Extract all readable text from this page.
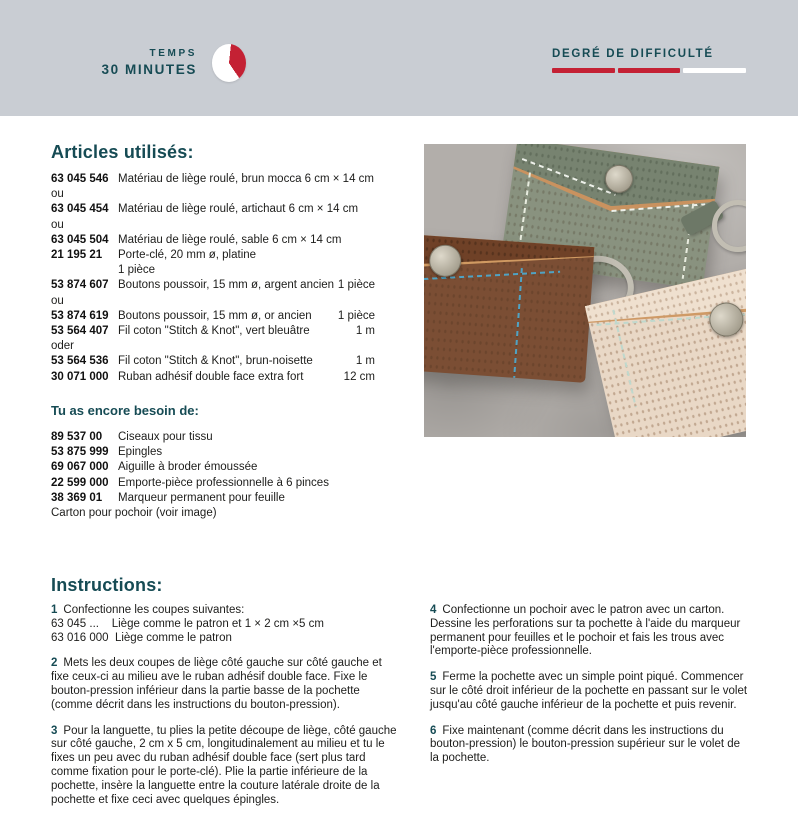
TEMPS
30 MINUTES
DEGRÉ DE DIFFICULTÉ
Articles utilisés:
63 045 546 Matériau de liège roulé, brun mocca 6 cm × 14 cm
ou
63 045 454 Matériau de liège roulé, artichaut 6 cm × 14 cm
ou
63 045 504 Matériau de liège roulé, sable 6 cm × 14 cm
21 195 21	Porte-clé, 20 mm ø, platine
1 pièce
53 874 607 Boutons poussoir, 15 mm ø, argent ancien 1 pièce
ou
53 874 619 Boutons poussoir, 15 mm ø, or ancien	1 pièce
53 564 407 Fil coton "Stitch & Knot", vert bleuâtre	1 m
oder
53 564 536 Fil coton "Stitch & Knot", brun-noisette	1 m
30 071 000 Ruban adhésif double face extra fort	12 cm
Tu as encore besoin de:
89 537 00	Ciseaux pour tissu
53 875 999 Epingles
69 067 000 Aiguille à broder émoussée
22 599 000 Emporte-pièce professionnelle à 6 pinces
38 369 01	Marqueur permanent pour feuille
Carton pour pochoir (voir image)
Instructions:

1 Confectionne les coupes suivantes:
63 045 ...    Liège comme le patron et 1 × 2 cm ×5 cm
63 016 000  Liège comme le patron

2 Mets les deux coupes de liège côté gauche sur côté gauche et fixe ceux-ci au milieu ave le ruban adhésif double face. Fixe le bouton-pression inférieur dans la partie basse de la pochette (comme décrit dans les instructions du bouton-pression).

3 Pour la languette, tu plies la petite découpe de liège, côté gauche sur côté gauche, 2 cm x 5 cm, longitudinalement au milieu et tu le fixes un peu avec du ruban adhésif double face (sert plus tard comme fixation pour le porte-clé). Plie la partie inférieure de la pochette, insère la languette entre la couture latérale droite de la pochette et fixe ceci avec quelques épingles.

4 Confectionne un pochoir avec le patron avec un carton.
Dessine les perforations sur ta pochette à l'aide du marqueur permanent pour feuilles et le pochoir et fais les trous avec l'emporte-pièce professionnelle.

5 Ferme la pochette avec un simple point piqué. Commencer sur le côté droit inférieur de la pochette en passant sur le volet jusqu'au côté gauche inférieur de la pochette et puis revenir.

6 Fixe maintenant (comme décrit dans les instructions du bouton-pression) le bouton-pression supérieur sur le volet de la pochette.
